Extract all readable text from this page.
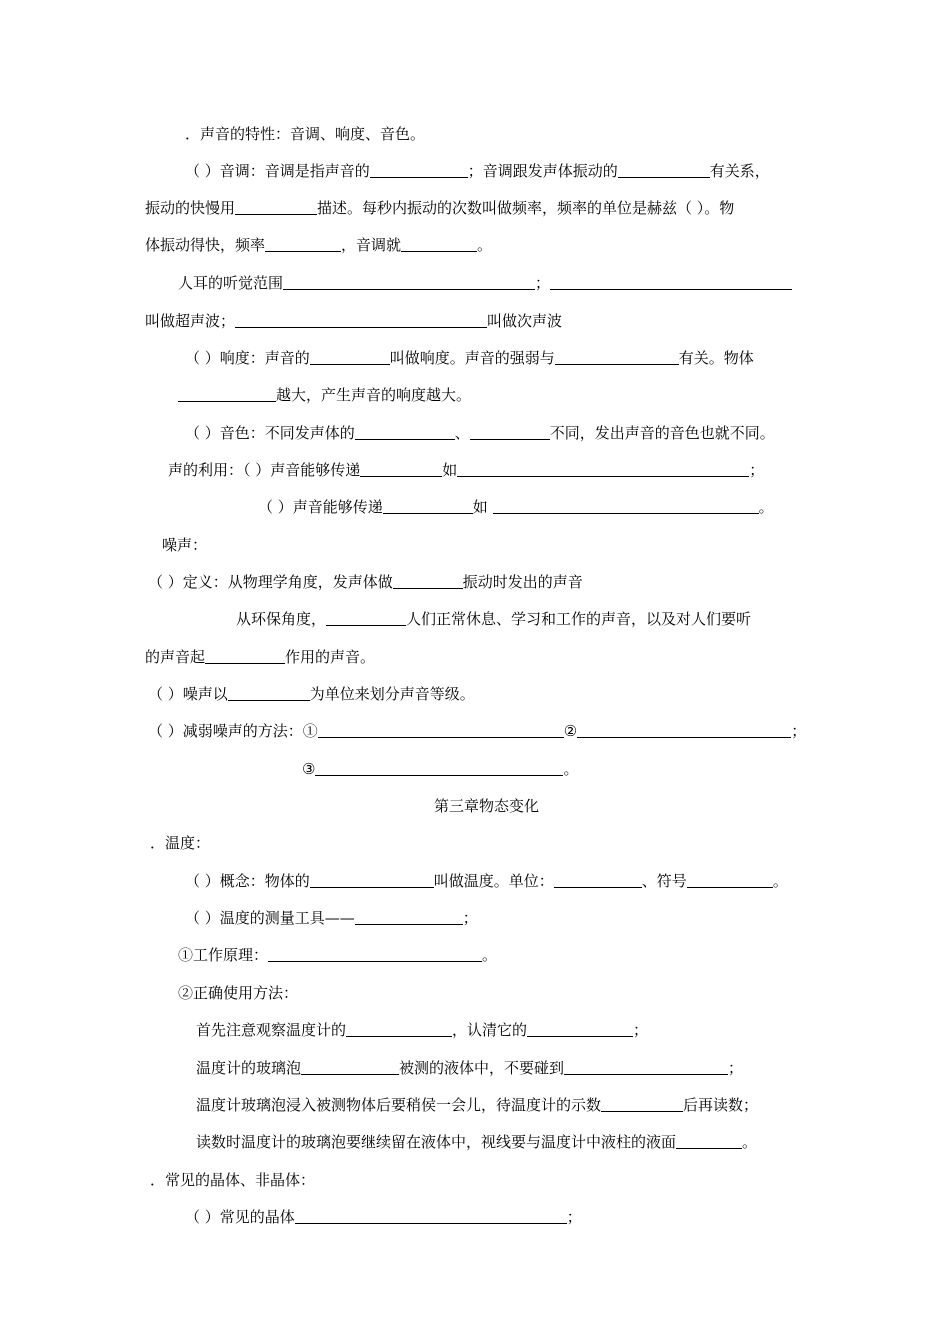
．声音的特性：音调、响度、音色。
（ ）音调：音调是指声音的	；音调跟发声体振动的	有关系，
振动的快慢用	描述。每秒内振动的次数叫做频率，频率的单位是赫兹（ ）。物
体振动得快，频率	，音调就	。
人耳的听觉范围	；
叫做超声波；	叫做次声波
（ ）响度：声音的	叫做响度。声音的强弱与	有关。物体
越大，产生声音的响度越大。
（ ）音色：不同发声体的	、	不同，发出声音的音色也就不同。
声的利用：（ ）声音能够传递	如	；
（ ）声音能够传递	如	。
噪声：
（ ）定义：从物理学角度，发声体做	振动时发出的声音
从环保角度，	人们正常休息、学习和工作的声音，以及对人们要听
的声音起	作用的声音。
（ ）噪声以	为单位来划分声音等级。
（ ）减弱噪声的方法：①	②	；
③	。
第三章物态变化
．温度：
（ ）概念：物体的	叫做温度。单位：	、符号	。
（ ）温度的测量工具——	；
①工作原理：	。
②正确使用方法：
首先注意观察温度计的	，认清它的	；
温度计的玻璃泡	被测的液体中，不要碰到	；
温度计玻璃泡浸入被测物体后要稍侯一会儿，待温度计的示数	后再读数；
读数时温度计的玻璃泡要继续留在液体中，视线要与温度计中液柱的液面	。
．常见的晶体、非晶体：
（ ）常见的晶体	；
